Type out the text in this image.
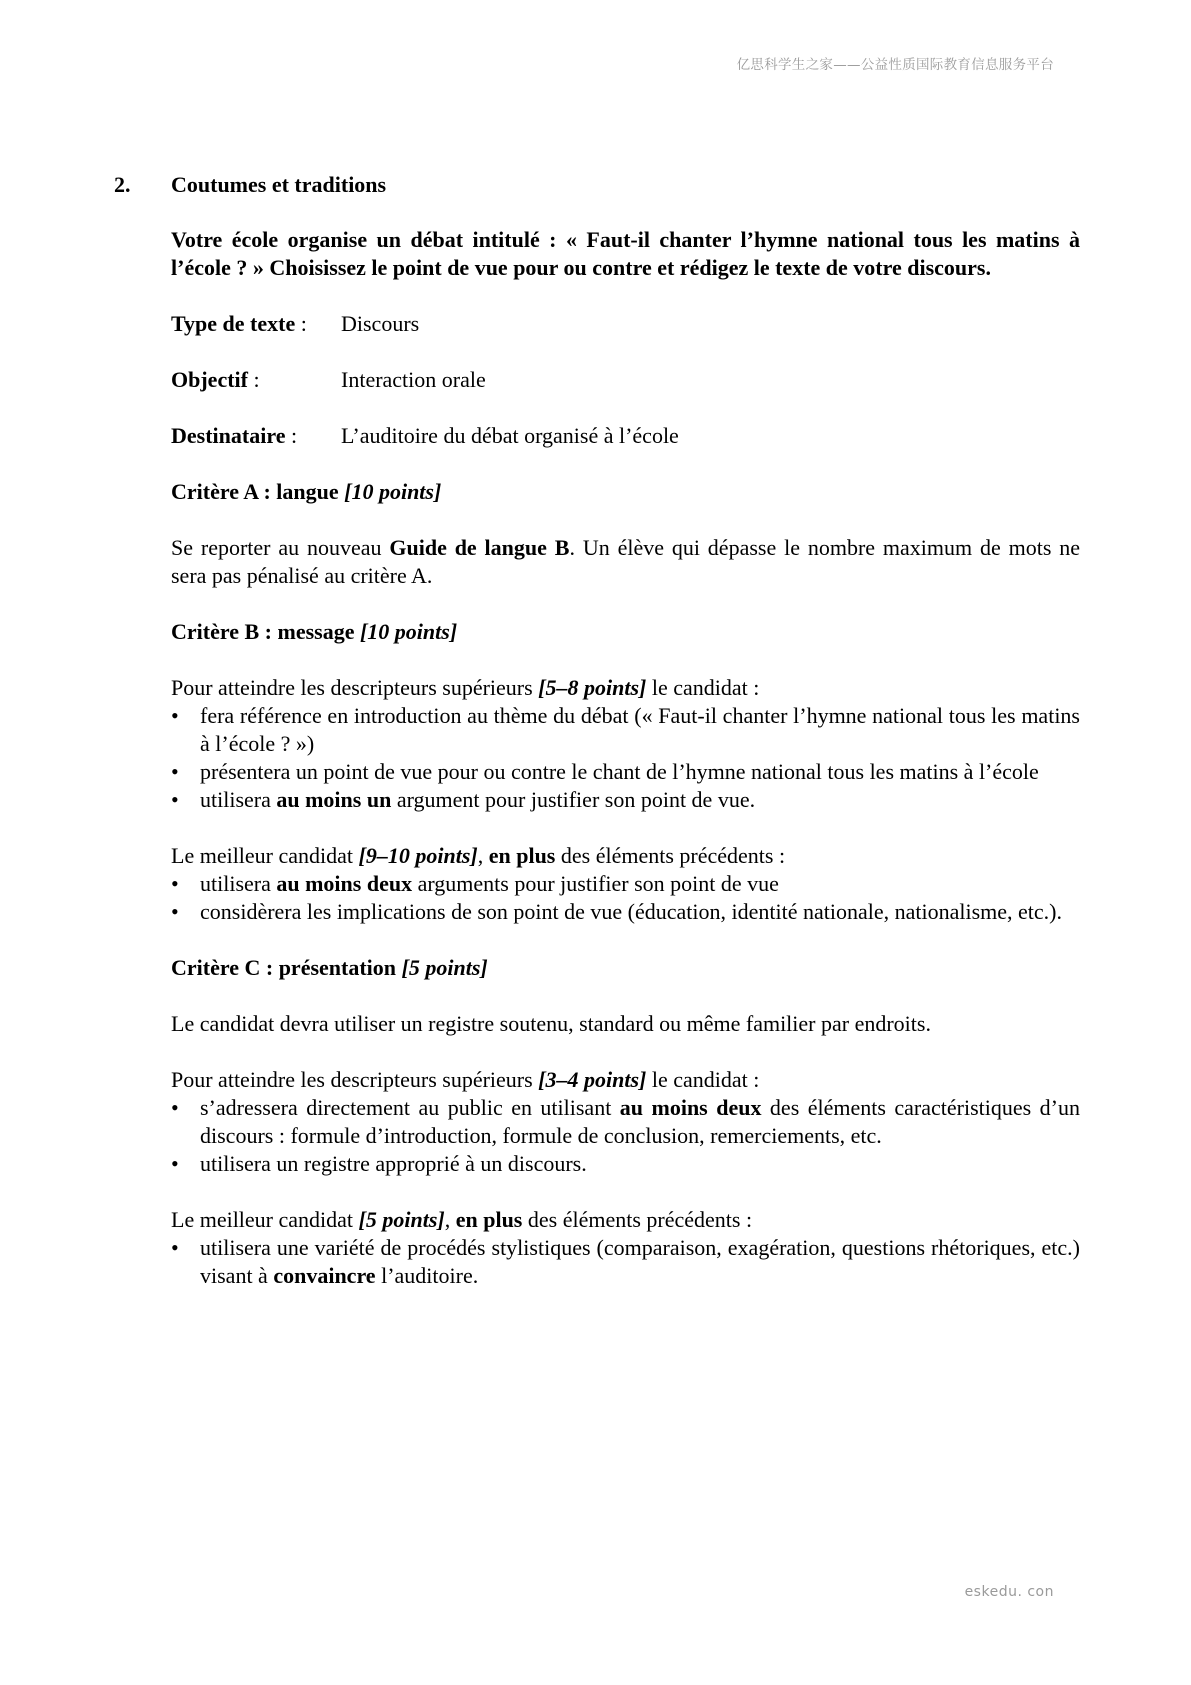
亿思科学生之家——公益性质国际教育信息服务平台
2. Coutumes et traditions

Votre école organise un débat intitulé : « Faut-il chanter l’hymne national tous les matins à l’école ? » Choisissez le point de vue pour ou contre et rédigez le texte de votre discours.

Type de texte :	Discours
Objectif :	Interaction orale
Destinataire :	L’auditoire du débat organisé à l’école

Critère A : langue [10 points]

Se reporter au nouveau Guide de langue B. Un élève qui dépasse le nombre maximum de mots ne sera pas pénalisé au critère A.

Critère B : message [10 points]

Pour atteindre les descripteurs supérieurs [5–8 points] le candidat :

• fera référence en introduction au thème du débat (« Faut-il chanter l’hymne national tous les matins à l’école ? »)
• présentera un point de vue pour ou contre le chant de l’hymne national tous les matins à l’école
• utilisera au moins un argument pour justifier son point de vue.

Le meilleur candidat [9–10 points], en plus des éléments précédents :

• utilisera au moins deux arguments pour justifier son point de vue
• considèrera les implications de son point de vue (éducation, identité nationale, nationalisme, etc.).

Critère C : présentation [5 points]

Le candidat devra utiliser un registre soutenu, standard ou même familier par endroits.

Pour atteindre les descripteurs supérieurs [3–4 points] le candidat :

• s’adressera directement au public en utilisant au moins deux des éléments caractéristiques d’un discours : formule d’introduction, formule de conclusion, remerciements, etc.
• utilisera un registre approprié à un discours.

Le meilleur candidat [5 points], en plus des éléments précédents :

• utilisera une variété de procédés stylistiques (comparaison, exagération, questions rhétoriques, etc.) visant à convaincre l’auditoire.
eskedu. con
